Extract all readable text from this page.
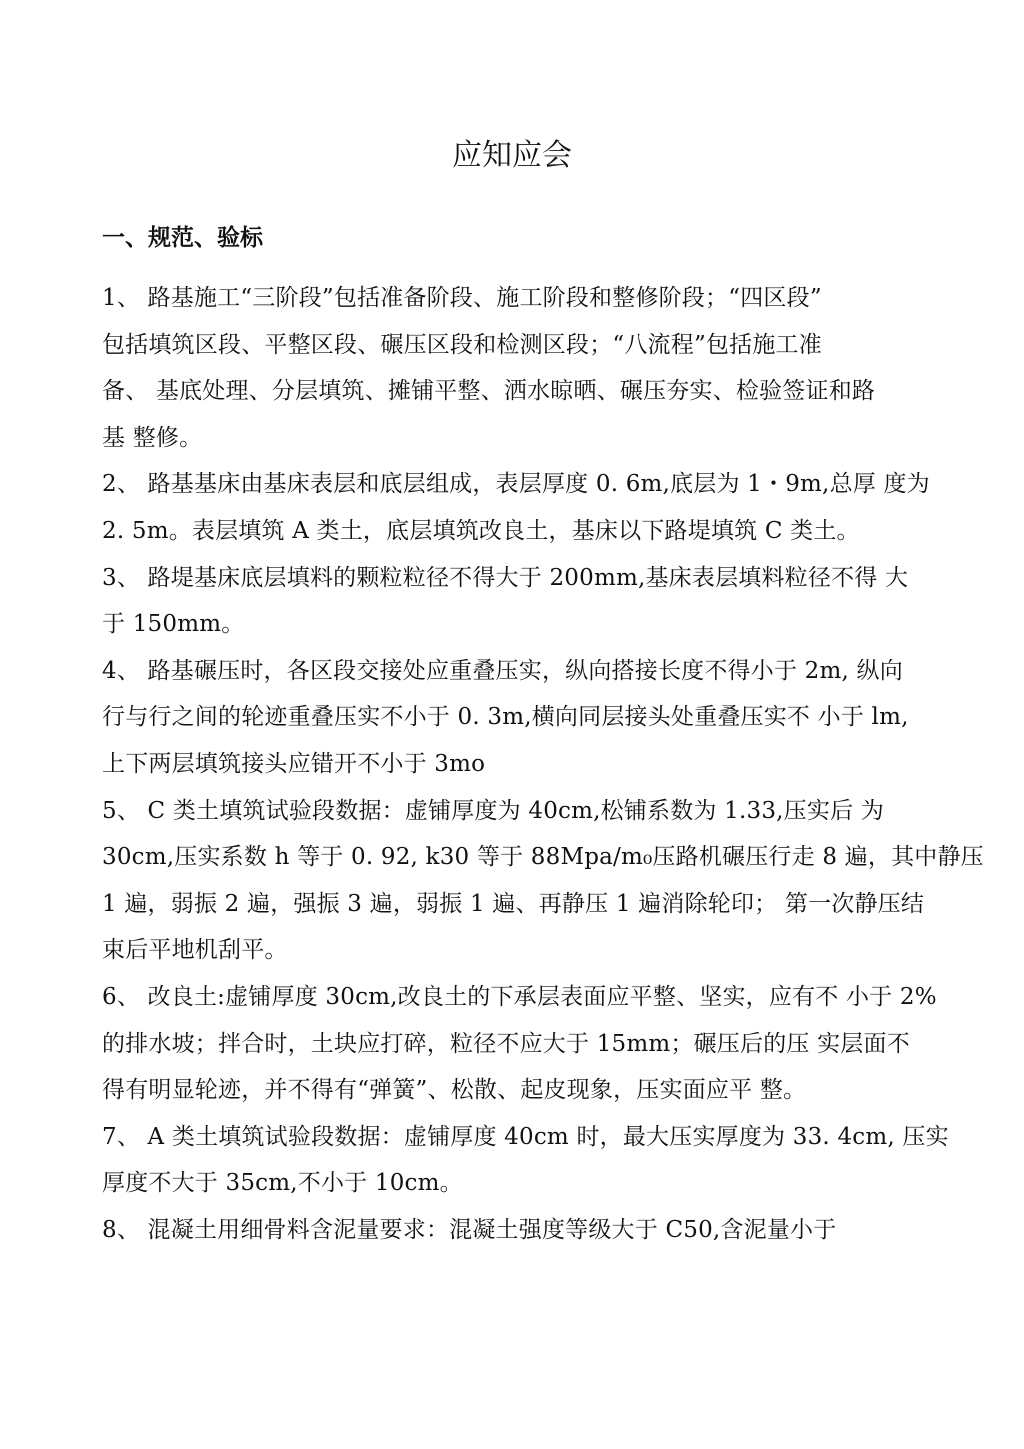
应知应会
一、规范、验标

1、 路基施工“三阶段”包括准备阶段、施工阶段和整修阶段；“四区段”
包括填筑区段、平整区段、碾压区段和检测区段；“八流程”包括施工准
备、 基底处理、分层填筑、摊铺平整、洒水晾晒、碾压夯实、检验签证和路
基 整修。

2、 路基基床由基床表层和底层组成，表层厚度 0. 6m,底层为 1・9m,总厚 度为
2. 5m。表层填筑 A 类土，底层填筑改良土，基床以下路堤填筑 C 类土。

3、 路堤基床底层填料的颗粒粒径不得大于 200mm,基床表层填料粒径不得 大
于 150mm。

4、 路基碾压时，各区段交接处应重叠压实，纵向搭接长度不得小于 2m, 纵向
行与行之间的轮迹重叠压实不小于 0. 3m,横向同层接头处重叠压实不 小于 lm,
上下两层填筑接头应错开不小于 3mo

5、 C 类土填筑试验段数据：虚铺厚度为 40cm,松铺系数为 1.33,压实后 为
30cm,压实系数 h 等于 0. 92, k30 等于 88Mpa/m₀压路机碾压行走 8 遍，其中静压
1 遍，弱振 2 遍，强振 3 遍，弱振 1 遍、再静压 1 遍消除轮印； 第一次静压结
束后平地机刮平。

6、 改良土:虚铺厚度 30cm,改良土的下承层表面应平整、坚实，应有不 小于 2%
的排水坡；拌合时，土块应打碎，粒径不应大于 15mm；碾压后的压 实层面不
得有明显轮迹，并不得有“弹簧”、松散、起皮现象，压实面应平 整。

7、 A 类土填筑试验段数据：虚铺厚度 40cm 时，最大压实厚度为 33. 4cm, 压实
厚度不大于 35cm,不小于 10cm。

8、 混凝土用细骨料含泥量要求：混凝土强度等级大于 C50,含泥量小于
